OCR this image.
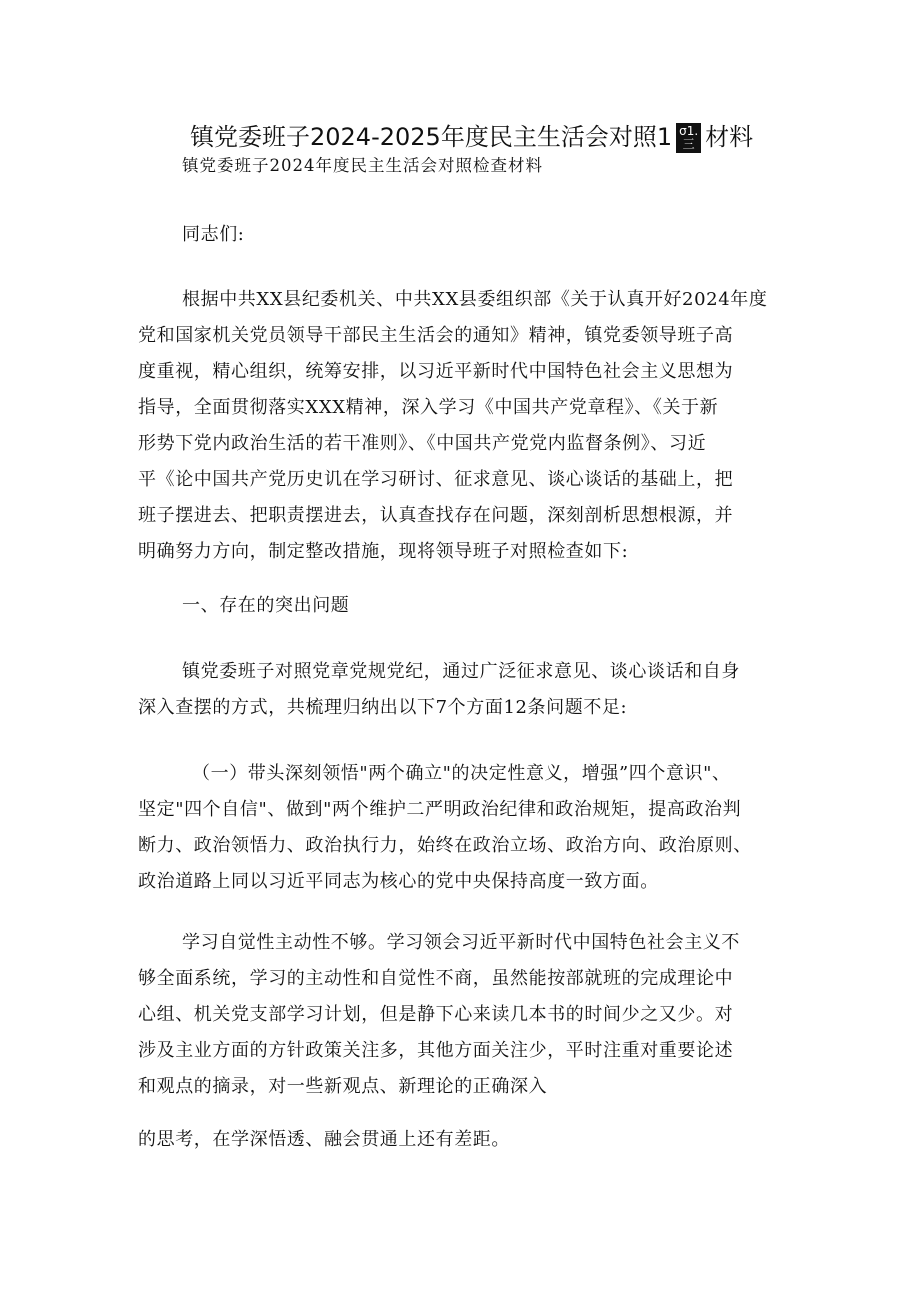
镇党委班子2024-2025年度民主生活会对照1 σ1.
三 材料
镇党委班子2024年度民主生活会对照检查材料
同志们:
根据中共XX县纪委机关、中共XX县委组织部《关于认真开好2024年度
党和国家机关党员领导干部民主生活会的通知》精神，镇党委领导班子高
度重视，精心组织，统筹安排，以习近平新时代中国特色社会主义思想为
指导，全面贯彻落实XXX精神，深入学习《中国共产党章程》、《关于新
形势下党内政治生活的若干准则》、《中国共产党党内监督条例》、习近
平《论中国共产党历史讥在学习研讨、征求意见、谈心谈话的基础上，把
班子摆进去、把职责摆进去，认真查找存在问题，深刻剖析思想根源，并
明确努力方向，制定整改措施，现将领导班子对照检查如下:
一、存在的突出问题
镇党委班子对照党章党规党纪，通过广泛征求意见、谈心谈话和自身
深入查摆的方式，共梳理归纳出以下7个方面12条问题不足:
（一）带头深刻领悟"两个确立"的决定性意义，增强”四个意识"、
坚定"四个自信"、做到"两个维护二严明政治纪律和政治规矩，提高政治判
断力、政治领悟力、政治执行力，始终在政治立场、政治方向、政治原则、
政治道路上同以习近平同志为核心的党中央保持高度一致方面。
学习自觉性主动性不够。学习领会习近平新时代中国特色社会主义不
够全面系统，学习的主动性和自觉性不商，虽然能按部就班的完成理论中
心组、机关党支部学习计划，但是静下心来读几本书的时间少之又少。对
涉及主业方面的方针政策关注多，其他方面关注少，平时注重对重要论述
和观点的摘录，对一些新观点、新理论的正确深入
的思考，在学深悟透、融会贯通上还有差距。
